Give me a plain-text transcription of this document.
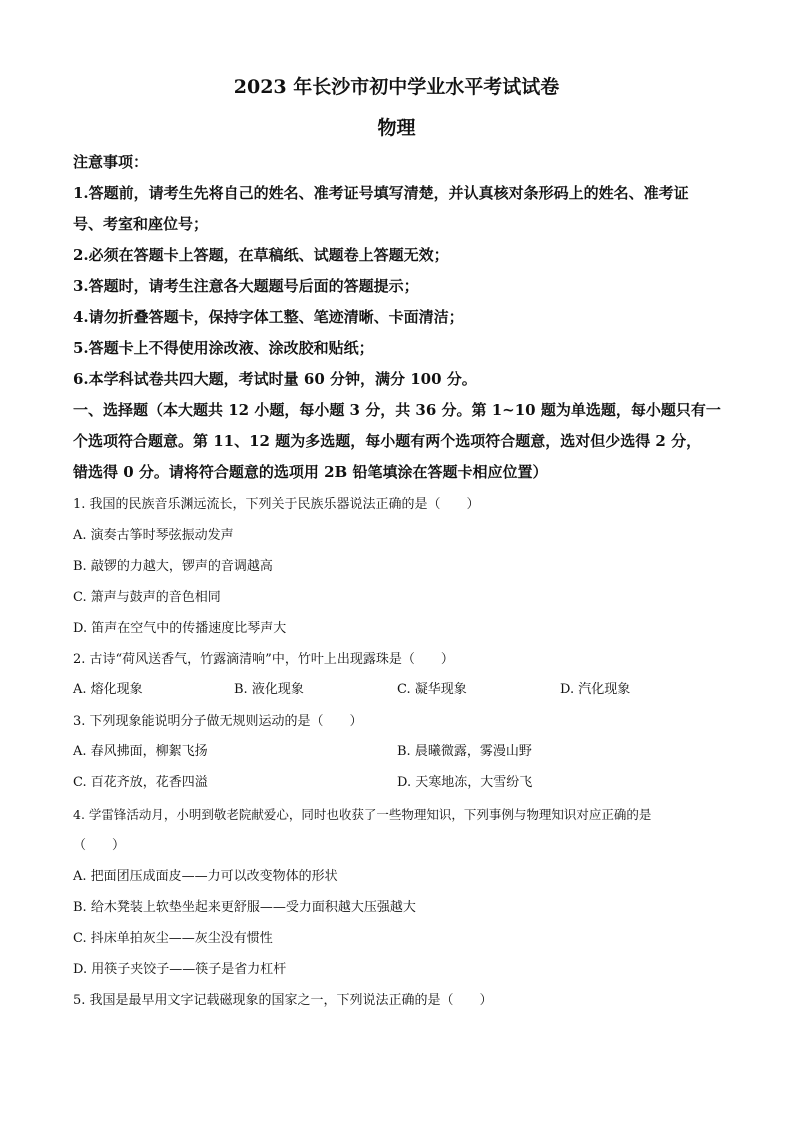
2023 年长沙市初中学业水平考试试卷
物理
注意事项：
1.答题前，请考生先将自己的姓名、准考证号填写清楚，并认真核对条形码上的姓名、准考证
号、考室和座位号；
2.必须在答题卡上答题，在草稿纸、试题卷上答题无效；
3.答题时，请考生注意各大题题号后面的答题提示；
4.请勿折叠答题卡，保持字体工整、笔迹清晰、卡面清洁；
5.答题卡上不得使用涂改液、涂改胶和贴纸；
6.本学科试卷共四大题，考试时量 60 分钟，满分 100 分。
一、选择题（本大题共 12 小题，每小题 3 分，共 36 分。第 1~10 题为单选题，每小题只有一
个选项符合题意。第 11、12 题为多选题，每小题有两个选项符合题意，选对但少选得 2 分，
错选得 0 分。请将符合题意的选项用 2B 铅笔填涂在答题卡相应位置）
1. 我国的民族音乐渊远流长，下列关于民族乐器说法正确的是（　　）
A. 演奏古筝时琴弦振动发声
B. 敲锣的力越大，锣声的音调越高
C. 箫声与鼓声的音色相同
D. 笛声在空气中的传播速度比琴声大
2. 古诗“荷风送香气，竹露滴清响”中，竹叶上出现露珠是（　　）
A. 熔化现象	B. 液化现象	C. 凝华现象	D. 汽化现象
3. 下列现象能说明分子做无规则运动的是（　　）
A. 春风拂面，柳絮飞扬	B. 晨曦微露，雾漫山野
C. 百花齐放，花香四溢	D. 天寒地冻，大雪纷飞
4. 学雷锋活动月，小明到敬老院献爱心，同时也收获了一些物理知识，下列事例与物理知识对应正确的是
（　　）
A. 把面团压成面皮——力可以改变物体的形状
B. 给木凳装上软垫坐起来更舒服——受力面积越大压强越大
C. 抖床单拍灰尘——灰尘没有惯性
D. 用筷子夹饺子——筷子是省力杠杆
5. 我国是最早用文字记载磁现象的国家之一，下列说法正确的是（　　）
